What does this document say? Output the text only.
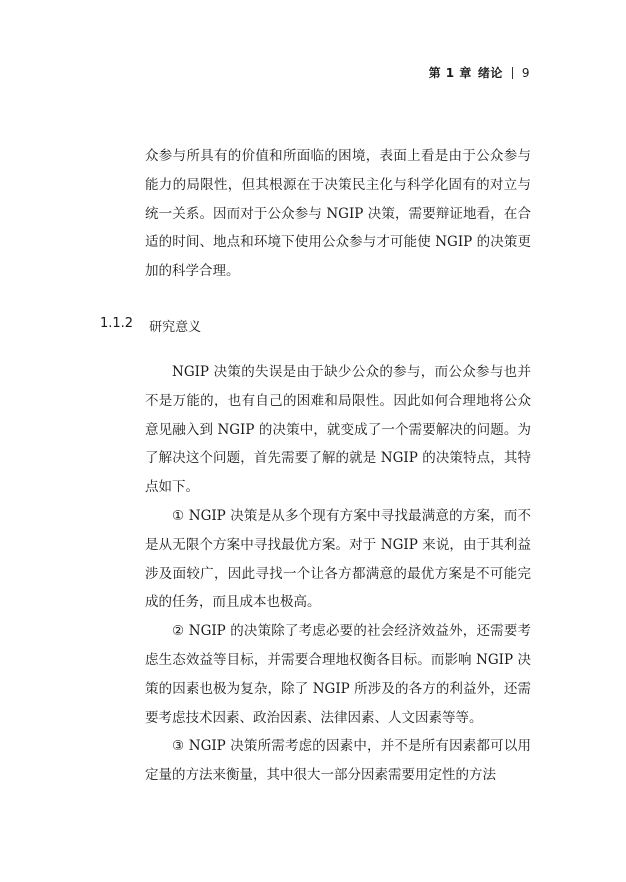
第 1 章 绪论 9

众参与所具有的价值和所面临的困境，表面上看是由于公众参与能力的局限性，但其根源在于决策民主化与科学化固有的对立与统一关系。因而对于公众参与 NGIP 决策，需要辩证地看，在合适的时间、地点和环境下使用公众参与才可能使 NGIP 的决策更加的科学合理。

1.1.2 研究意义

NGIP 决策的失误是由于缺少公众的参与，而公众参与也并不是万能的，也有自己的困难和局限性。因此如何合理地将公众意见融入到 NGIP 的决策中，就变成了一个需要解决的问题。为了解决这个问题，首先需要了解的就是 NGIP 的决策特点，其特点如下。

① NGIP 决策是从多个现有方案中寻找最满意的方案，而不是从无限个方案中寻找最优方案。对于 NGIP 来说，由于其利益涉及面较广，因此寻找一个让各方都满意的最优方案是不可能完成的任务，而且成本也极高。

② NGIP 的决策除了考虑必要的社会经济效益外，还需要考虑生态效益等目标，并需要合理地权衡各目标。而影响 NGIP 决策的因素也极为复杂，除了 NGIP 所涉及的各方的利益外，还需要考虑技术因素、政治因素、法律因素、人文因素等等。

③ NGIP 决策所需考虑的因素中，并不是所有因素都可以用定量的方法来衡量，其中很大一部分因素需要用定性的方法
